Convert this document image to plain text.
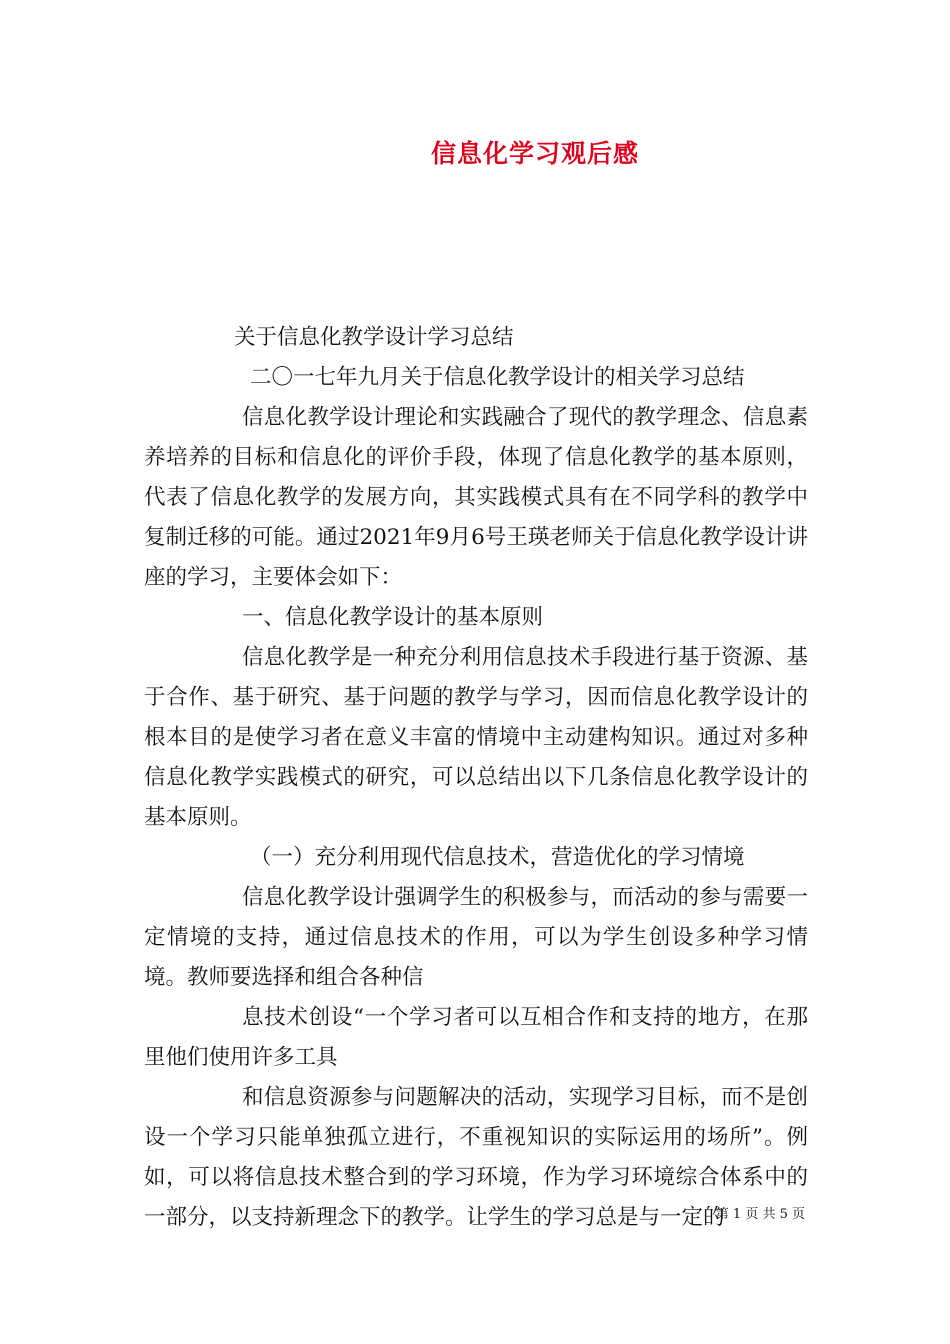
信息化学习观后感

关于信息化教学设计学习总结

二〇一七年九月关于信息化教学设计的相关学习总结

信息化教学设计理论和实践融合了现代的教学理念、信息素养培养的目标和信息化的评价手段，体现了信息化教学的基本原则，代表了信息化教学的发展方向，其实践模式具有在不同学科的教学中复制迁移的可能。通过2021年9月6号王瑛老师关于信息化教学设计讲座的学习，主要体会如下：

一、信息化教学设计的基本原则

信息化教学是一种充分利用信息技术手段进行基于资源、基于合作、基于研究、基于问题的教学与学习，因而信息化教学设计的根本目的是使学习者在意义丰富的情境中主动建构知识。通过对多种信息化教学实践模式的研究，可以总结出以下几条信息化教学设计的基本原则。

（一）充分利用现代信息技术，营造优化的学习情境

信息化教学设计强调学生的积极参与，而活动的参与需要一定情境的支持，通过信息技术的作用，可以为学生创设多种学习情境。教师要选择和组合各种信

息技术创设“一个学习者可以互相合作和支持的地方，在那里他们使用许多工具

和信息资源参与问题解决的活动，实现学习目标，而不是创设一个学习只能单独孤立进行，不重视知识的实际运用的场所”。例如，可以将信息技术整合到的学习环境，作为学习环境综合体系中的一部分，以支持新理念下的教学。让学生的学习总是与一定的

第 1 页 共 5 页
